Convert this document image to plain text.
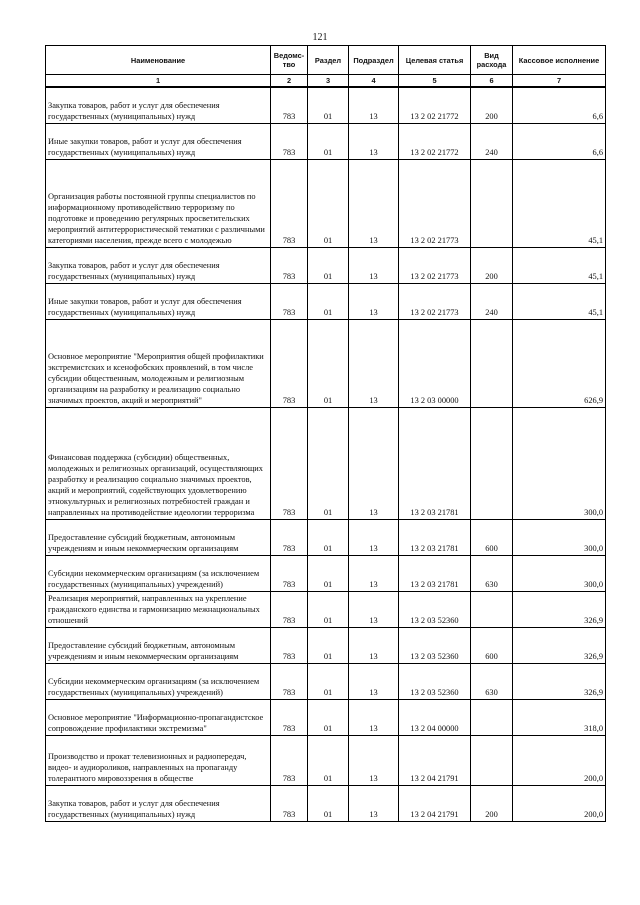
121
Наименование	Ведомс-тво	Раздел	Подраздел	Целевая статья	Вид расхода	Кассовое исполнение
1	2	3	4	5	6	7
Закупка товаров, работ и услуг для обеспечения государственных (муниципальных) нужд	783	01	13	13 2 02 21772	200	6,6
Иные закупки товаров, работ и услуг для обеспечения государственных (муниципальных) нужд	783	01	13	13 2 02 21772	240	6,6
Организация работы постоянной группы специалистов по информационному противодействию терроризму по подготовке и проведению регулярных просветительских мероприятий антитеррористической тематики с различными категориями населения, прежде всего с молодежью	783	01	13	13 2 02 21773		45,1
Закупка товаров, работ и услуг для обеспечения государственных (муниципальных) нужд	783	01	13	13 2 02 21773	200	45,1
Иные закупки товаров, работ и услуг для обеспечения государственных (муниципальных) нужд	783	01	13	13 2 02 21773	240	45,1
Основное мероприятие "Мероприятия общей профилактики экстремистских и ксенофобских проявлений, в том числе субсидии общественным, молодежным и религиозным организациям на разработку и реализацию социально значимых проектов, акций и мероприятий"	783	01	13	13 2 03 00000		626,9
Финансовая поддержка (субсидии) общественных, молодежных и религиозных организаций, осуществляющих разработку и реализацию социально значимых проектов, акций и мероприятий, содействующих удовлетворению этнокультурных и религиозных потребностей граждан и направленных на противодействие идеологии терроризма	783	01	13	13 2 03 21781		300,0
Предоставление субсидий бюджетным, автономным учреждениям и иным некоммерческим организациям	783	01	13	13 2 03 21781	600	300,0
Субсидии некоммерческим организациям (за исключением государственных (муниципальных) учреждений)	783	01	13	13 2 03 21781	630	300,0
Реализация мероприятий, направленных на укрепление гражданского единства и гармонизацию межнациональных отношений	783	01	13	13 2 03 52360		326,9
Предоставление субсидий бюджетным, автономным учреждениям и иным некоммерческим организациям	783	01	13	13 2 03 52360	600	326,9
Субсидии некоммерческим организациям (за исключением государственных (муниципальных) учреждений)	783	01	13	13 2 03 52360	630	326,9
Основное мероприятие "Информационно-пропагандистское сопровождение профилактики экстремизма"	783	01	13	13 2 04 00000		318,0
Производство и прокат телевизионных и радиопередач, видео- и аудиороликов, направленных на пропаганду толерантного мировоззрения в обществе	783	01	13	13 2 04 21791		200,0
Закупка товаров, работ и услуг для обеспечения государственных (муниципальных) нужд	783	01	13	13 2 04 21791	200	200,0
